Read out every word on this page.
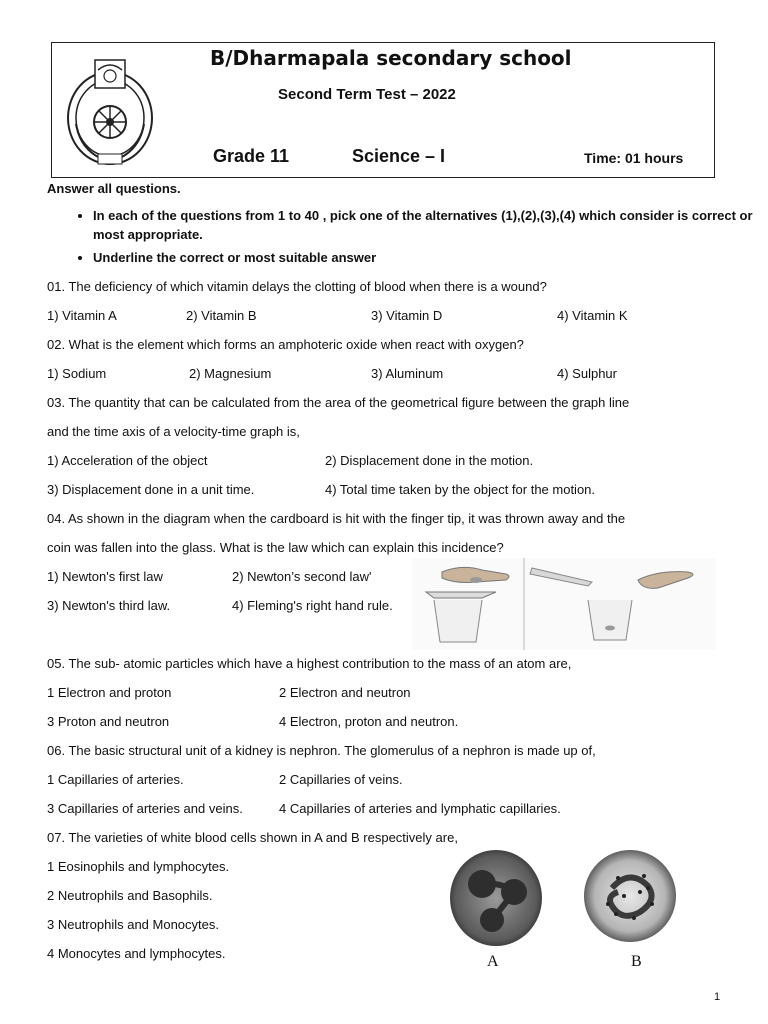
B/Dharmapala secondary school
Second Term Test – 2022
Grade 11	Science – I	Time: 01 hours
Answer all questions.
• In each of the questions from 1 to 40 , pick one of the alternatives (1),(2),(3),(4) which consider is correct or most appropriate.
• Underline the correct or most suitable answer
01. The deficiency of which vitamin delays the clotting of blood when there is a wound?
1) Vitamin A	2) Vitamin B	3) Vitamin D	4) Vitamin K
02. What is the element which forms an amphoteric oxide when react with oxygen?
1) Sodium	2) Magnesium	3) Aluminum	4) Sulphur
03. The quantity that can be calculated from the area of the geometrical figure between the graph line
and the time axis of a velocity-time graph is,
1) Acceleration of the object	2) Displacement done in the motion.
3) Displacement done in a unit time.	4) Total time taken by the object for the motion.
04. As shown in the diagram when the cardboard is hit with the finger tip, it was thrown away and the
coin was fallen into the glass. What is the law which can explain this incidence?
1) Newton's first law	2) Newton’s second law'
3) Newton's third law.	4) Fleming's right hand rule.
05. The sub- atomic particles which have a highest contribution to the mass of an atom are,
1 Electron and proton	2 Electron and neutron
3 Proton and neutron	4 Electron, proton and neutron.
06. The basic structural unit of a kidney is nephron. The glomerulus of a nephron is made up of,
1 Capillaries of arteries.	2 Capillaries of veins.
3 Capillaries of arteries and veins.	4 Capillaries of arteries and lymphatic capillaries.
07. The varieties of white blood cells shown in A and B respectively are,
1 Eosinophils and lymphocytes.
2 Neutrophils and Basophils.
3 Neutrophils and Monocytes.
4 Monocytes and lymphocytes.	A	B
1
